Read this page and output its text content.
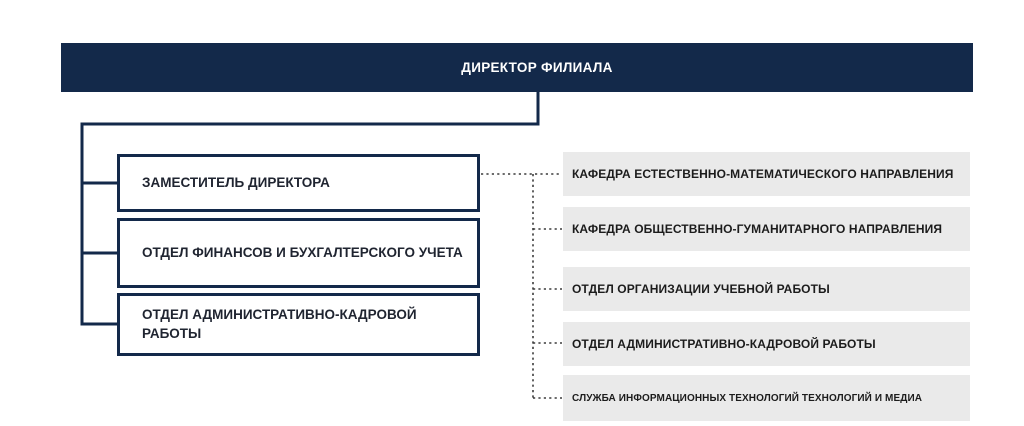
ДИРЕКТОР ФИЛИАЛА
ЗАМЕСТИТЕЛЬ ДИРЕКТОРА
ОТДЕЛ ФИНАНСОВ И БУХГАЛТЕРСКОГО УЧЕТА
ОТДЕЛ АДМИНИСТРАТИВНО-КАДРОВОЙ РАБОТЫ
КАФЕДРА ЕСТЕСТВЕННО-МАТЕМАТИЧЕСКОГО НАПРАВЛЕНИЯ
КАФЕДРА ОБЩЕСТВЕННО-ГУМАНИТАРНОГО НАПРАВЛЕНИЯ
ОТДЕЛ ОРГАНИЗАЦИИ УЧЕБНОЙ РАБОТЫ
ОТДЕЛ АДМИНИСТРАТИВНО-КАДРОВОЙ РАБОТЫ
СЛУЖБА ИНФОРМАЦИОННЫХ ТЕХНОЛОГИЙ ТЕХНОЛОГИЙ И МЕДИА
